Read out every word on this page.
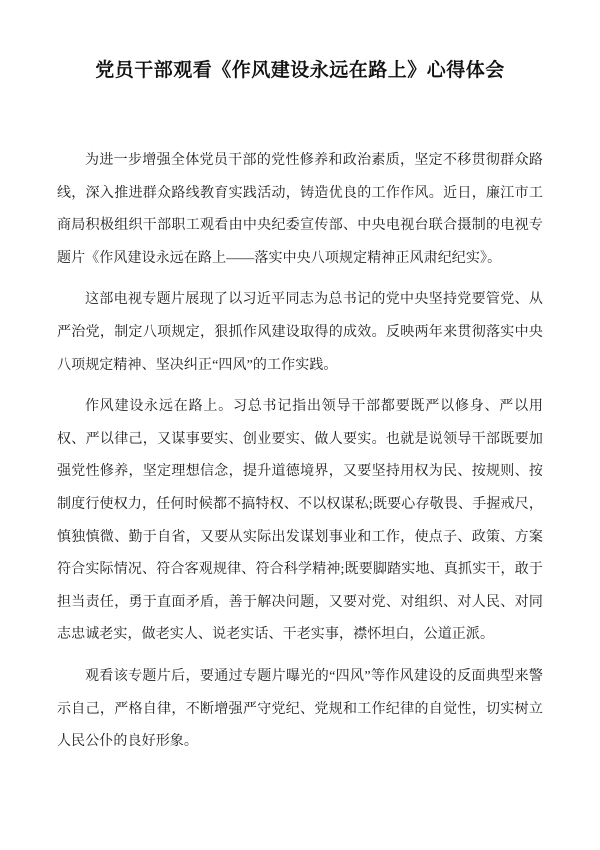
党员干部观看《作风建设永远在路上》心得体会

为进一步增强全体党员干部的党性修养和政治素质，坚定不移贯彻群众路线，深入推进群众路线教育实践活动，铸造优良的工作作风。近日，廉江市工商局积极组织干部职工观看由中央纪委宣传部、中央电视台联合摄制的电视专题片《作风建设永远在路上——落实中央八项规定精神正风肃纪纪实》。

这部电视专题片展现了以习近平同志为总书记的党中央坚持党要管党、从严治党，制定八项规定，狠抓作风建设取得的成效。反映两年来贯彻落实中央八项规定精神、坚决纠正“四风”的工作实践。

作风建设永远在路上。习总书记指出领导干部都要既严以修身、严以用权、严以律己，又谋事要实、创业要实、做人要实。也就是说领导干部既要加强党性修养，坚定理想信念，提升道德境界，又要坚持用权为民、按规则、按制度行使权力，任何时候都不搞特权、不以权谋私;既要心存敬畏、手握戒尺，慎独慎微、勤于自省，又要从实际出发谋划事业和工作，使点子、政策、方案符合实际情况、符合客观规律、符合科学精神;既要脚踏实地、真抓实干，敢于担当责任，勇于直面矛盾，善于解决问题，又要对党、对组织、对人民、对同志忠诚老实，做老实人、说老实话、干老实事，襟怀坦白，公道正派。

观看该专题片后，要通过专题片曝光的“四风”等作风建设的反面典型来警示自己，严格自律，不断增强严守党纪、党规和工作纪律的自觉性，切实树立人民公仆的良好形象。
